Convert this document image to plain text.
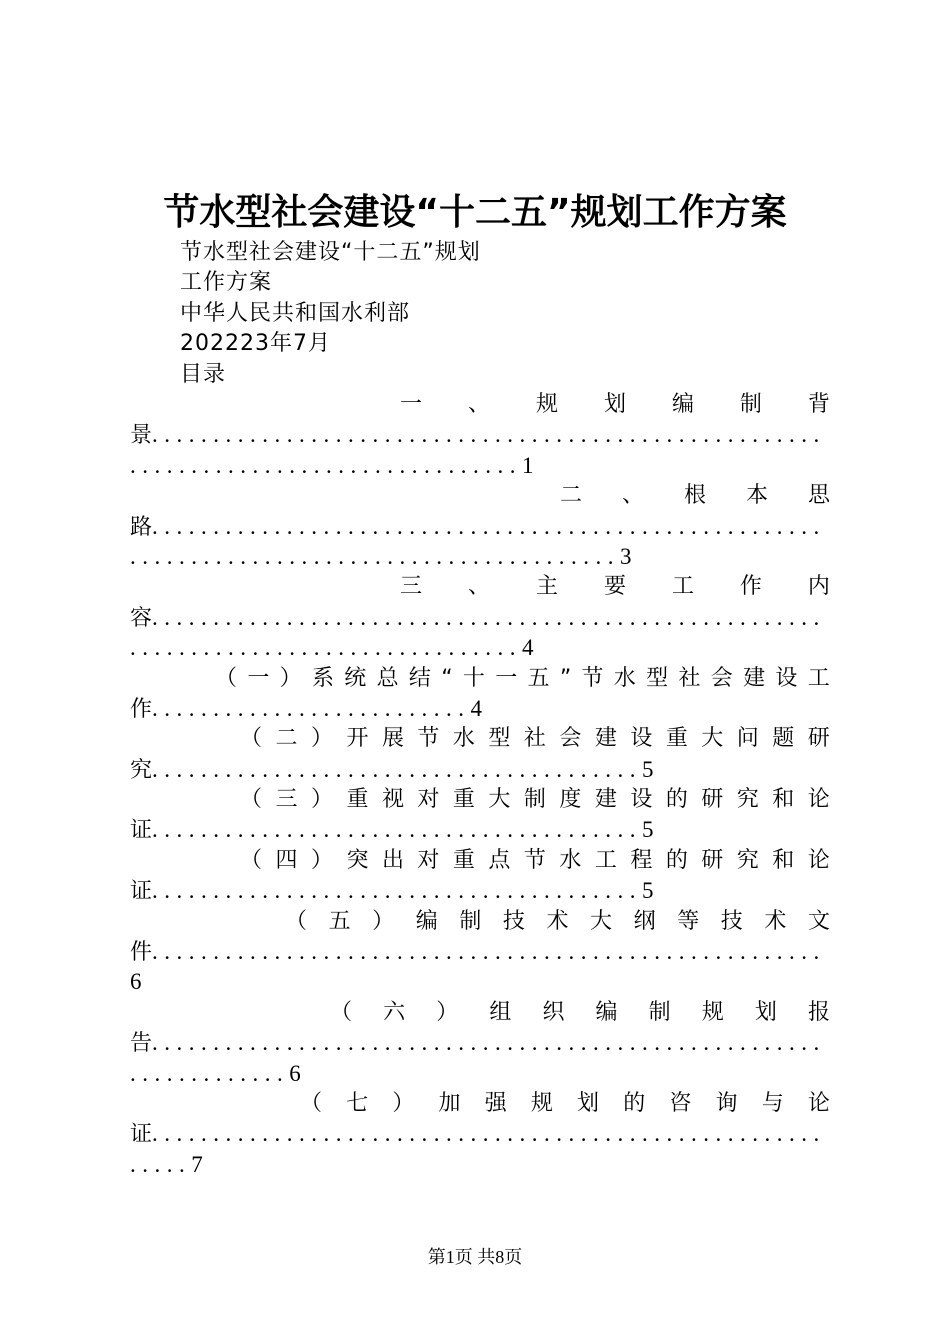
节水型社会建设“十二五”规划工作方案
节水型社会建设“十二五”规划
工作方案
中华人民共和国水利部
202223年7月
目录
一 、 规 划 编 制 背
景.......................................................
................................1
二、根本思
路.......................................................
........................................3
三 、 主 要 工 作 内
容.......................................................
................................4
（ 一 ） 系 统 总 结 “ 十 一 五 ” 节 水 型 社 会 建 设 工
作..........................4
（ 二 ） 开 展 节 水 型 社 会 建 设 重 大 问 题 研
究........................................5
（ 三 ） 重 视 对 重 大 制 度 建 设 的 研 究 和 论
证........................................5
（ 四 ） 突 出 对 重 点 节 水 工 程 的 研 究 和 论
证........................................5
（ 五 ） 编 制 技 术 大 纲 等 技 术 文
件.......................................................
6
（ 六 ） 组 织 编 制 规 划 报
告.......................................................
.............6
（ 七 ） 加 强 规 划 的 咨 询 与 论
证.......................................................
.....7
第1页 共8页
